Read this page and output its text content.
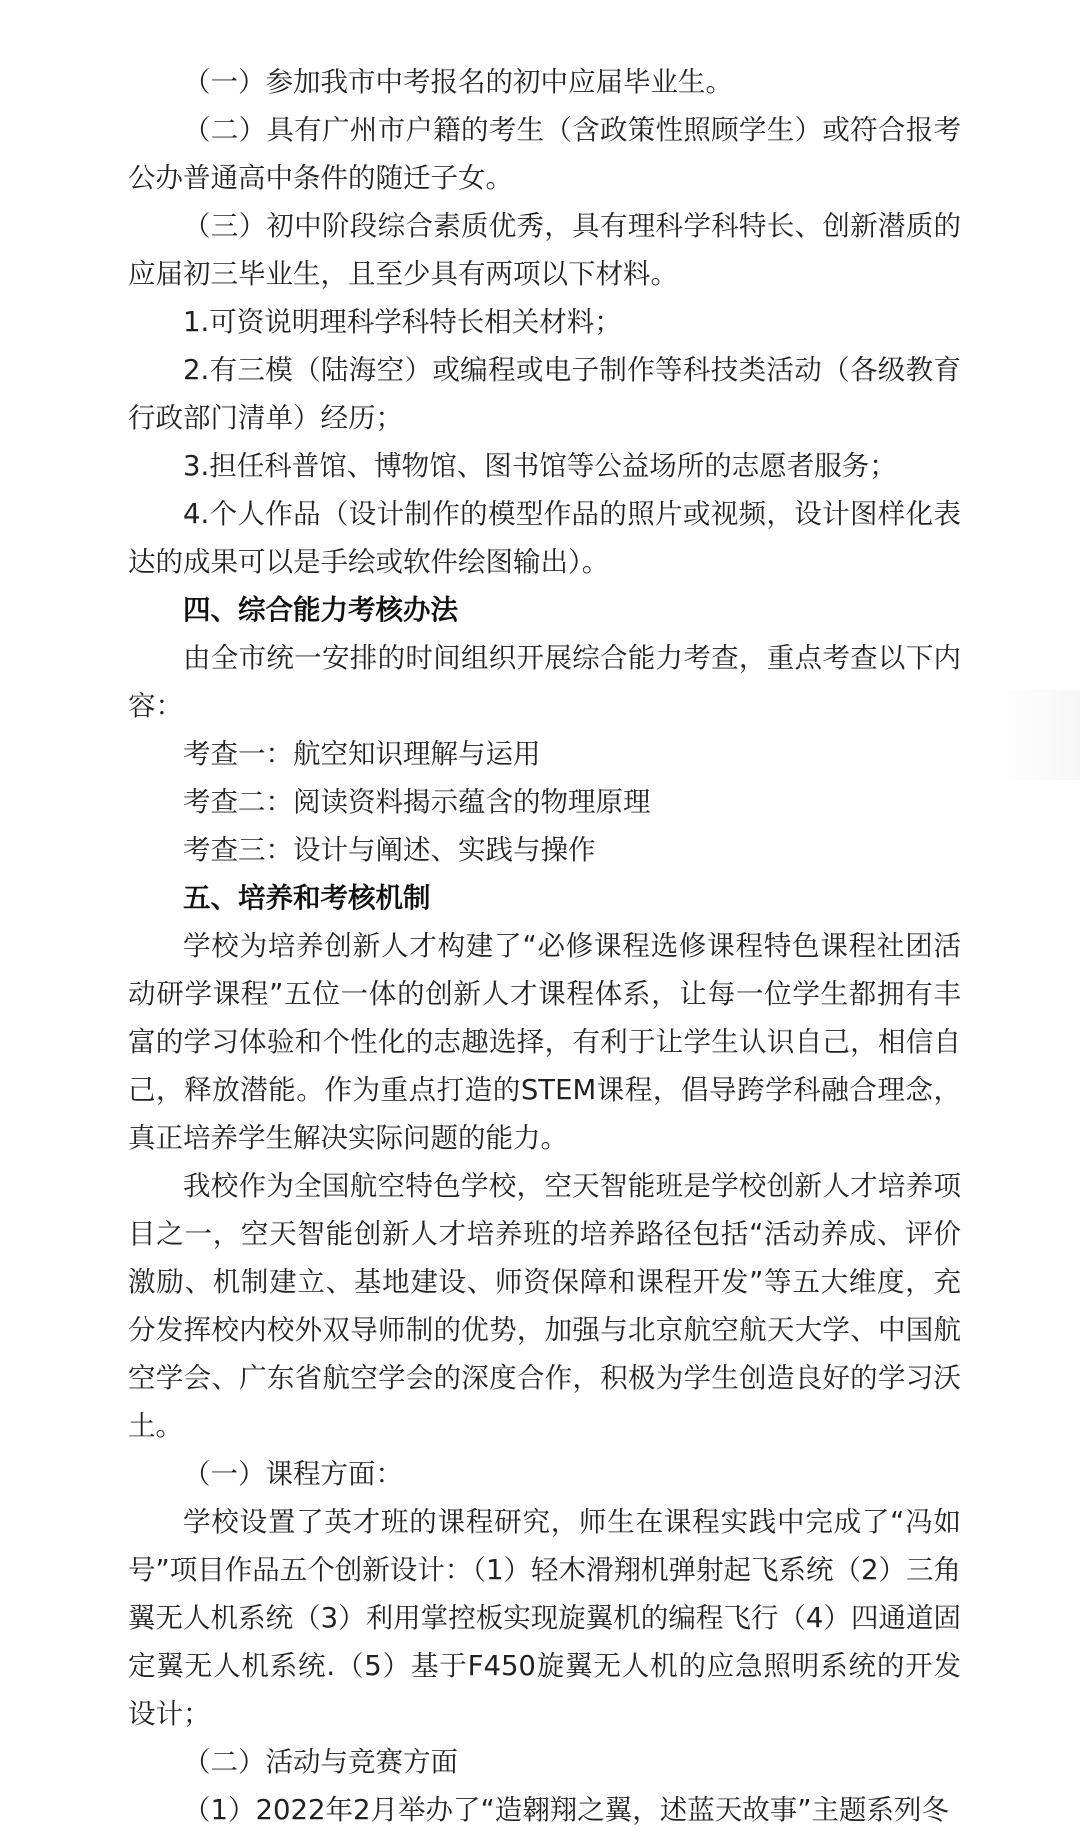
（一）参加我市中考报名的初中应届毕业生。

（二）具有广州市户籍的考生（含政策性照顾学生）或符合报考公办普通高中条件的随迁子女。

（三）初中阶段综合素质优秀，具有理科学科特长、创新潜质的应届初三毕业生，且至少具有两项以下材料。

1.可资说明理科学科特长相关材料；

2.有三模（陆海空）或编程或电子制作等科技类活动（各级教育行政部门清单）经历；

3.担任科普馆、博物馆、图书馆等公益场所的志愿者服务；

4.个人作品（设计制作的模型作品的照片或视频，设计图样化表达的成果可以是手绘或软件绘图输出）。

四、综合能力考核办法

由全市统一安排的时间组织开展综合能力考查，重点考查以下内容：

考查一：航空知识理解与运用

考查二：阅读资料揭示蕴含的物理原理

考查三：设计与阐述、实践与操作

五、培养和考核机制

学校为培养创新人才构建了“必修课程选修课程特色课程社团活动研学课程”五位一体的创新人才课程体系，让每一位学生都拥有丰富的学习体验和个性化的志趣选择，有利于让学生认识自己，相信自己，释放潜能。作为重点打造的STEM课程，倡导跨学科融合理念，真正培养学生解决实际问题的能力。

我校作为全国航空特色学校，空天智能班是学校创新人才培养项目之一，空天智能创新人才培养班的培养路径包括“活动养成、评价激励、机制建立、基地建设、师资保障和课程开发”等五大维度，充分发挥校内校外双导师制的优势，加强与北京航空航天大学、中国航空学会、广东省航空学会的深度合作，积极为学生创造良好的学习沃土。

（一）课程方面：

学校设置了英才班的课程研究，师生在课程实践中完成了“冯如号”项目作品五个创新设计：（1）轻木滑翔机弹射起飞系统（2）三角翼无人机系统（3）利用掌控板实现旋翼机的编程飞行（4）四通道固定翼无人机系统.（5）基于F450旋翼无人机的应急照明系统的开发设计；

（二）活动与竞赛方面

（1）2022年2月举办了“造翱翔之翼，述蓝天故事”主题系列冬
